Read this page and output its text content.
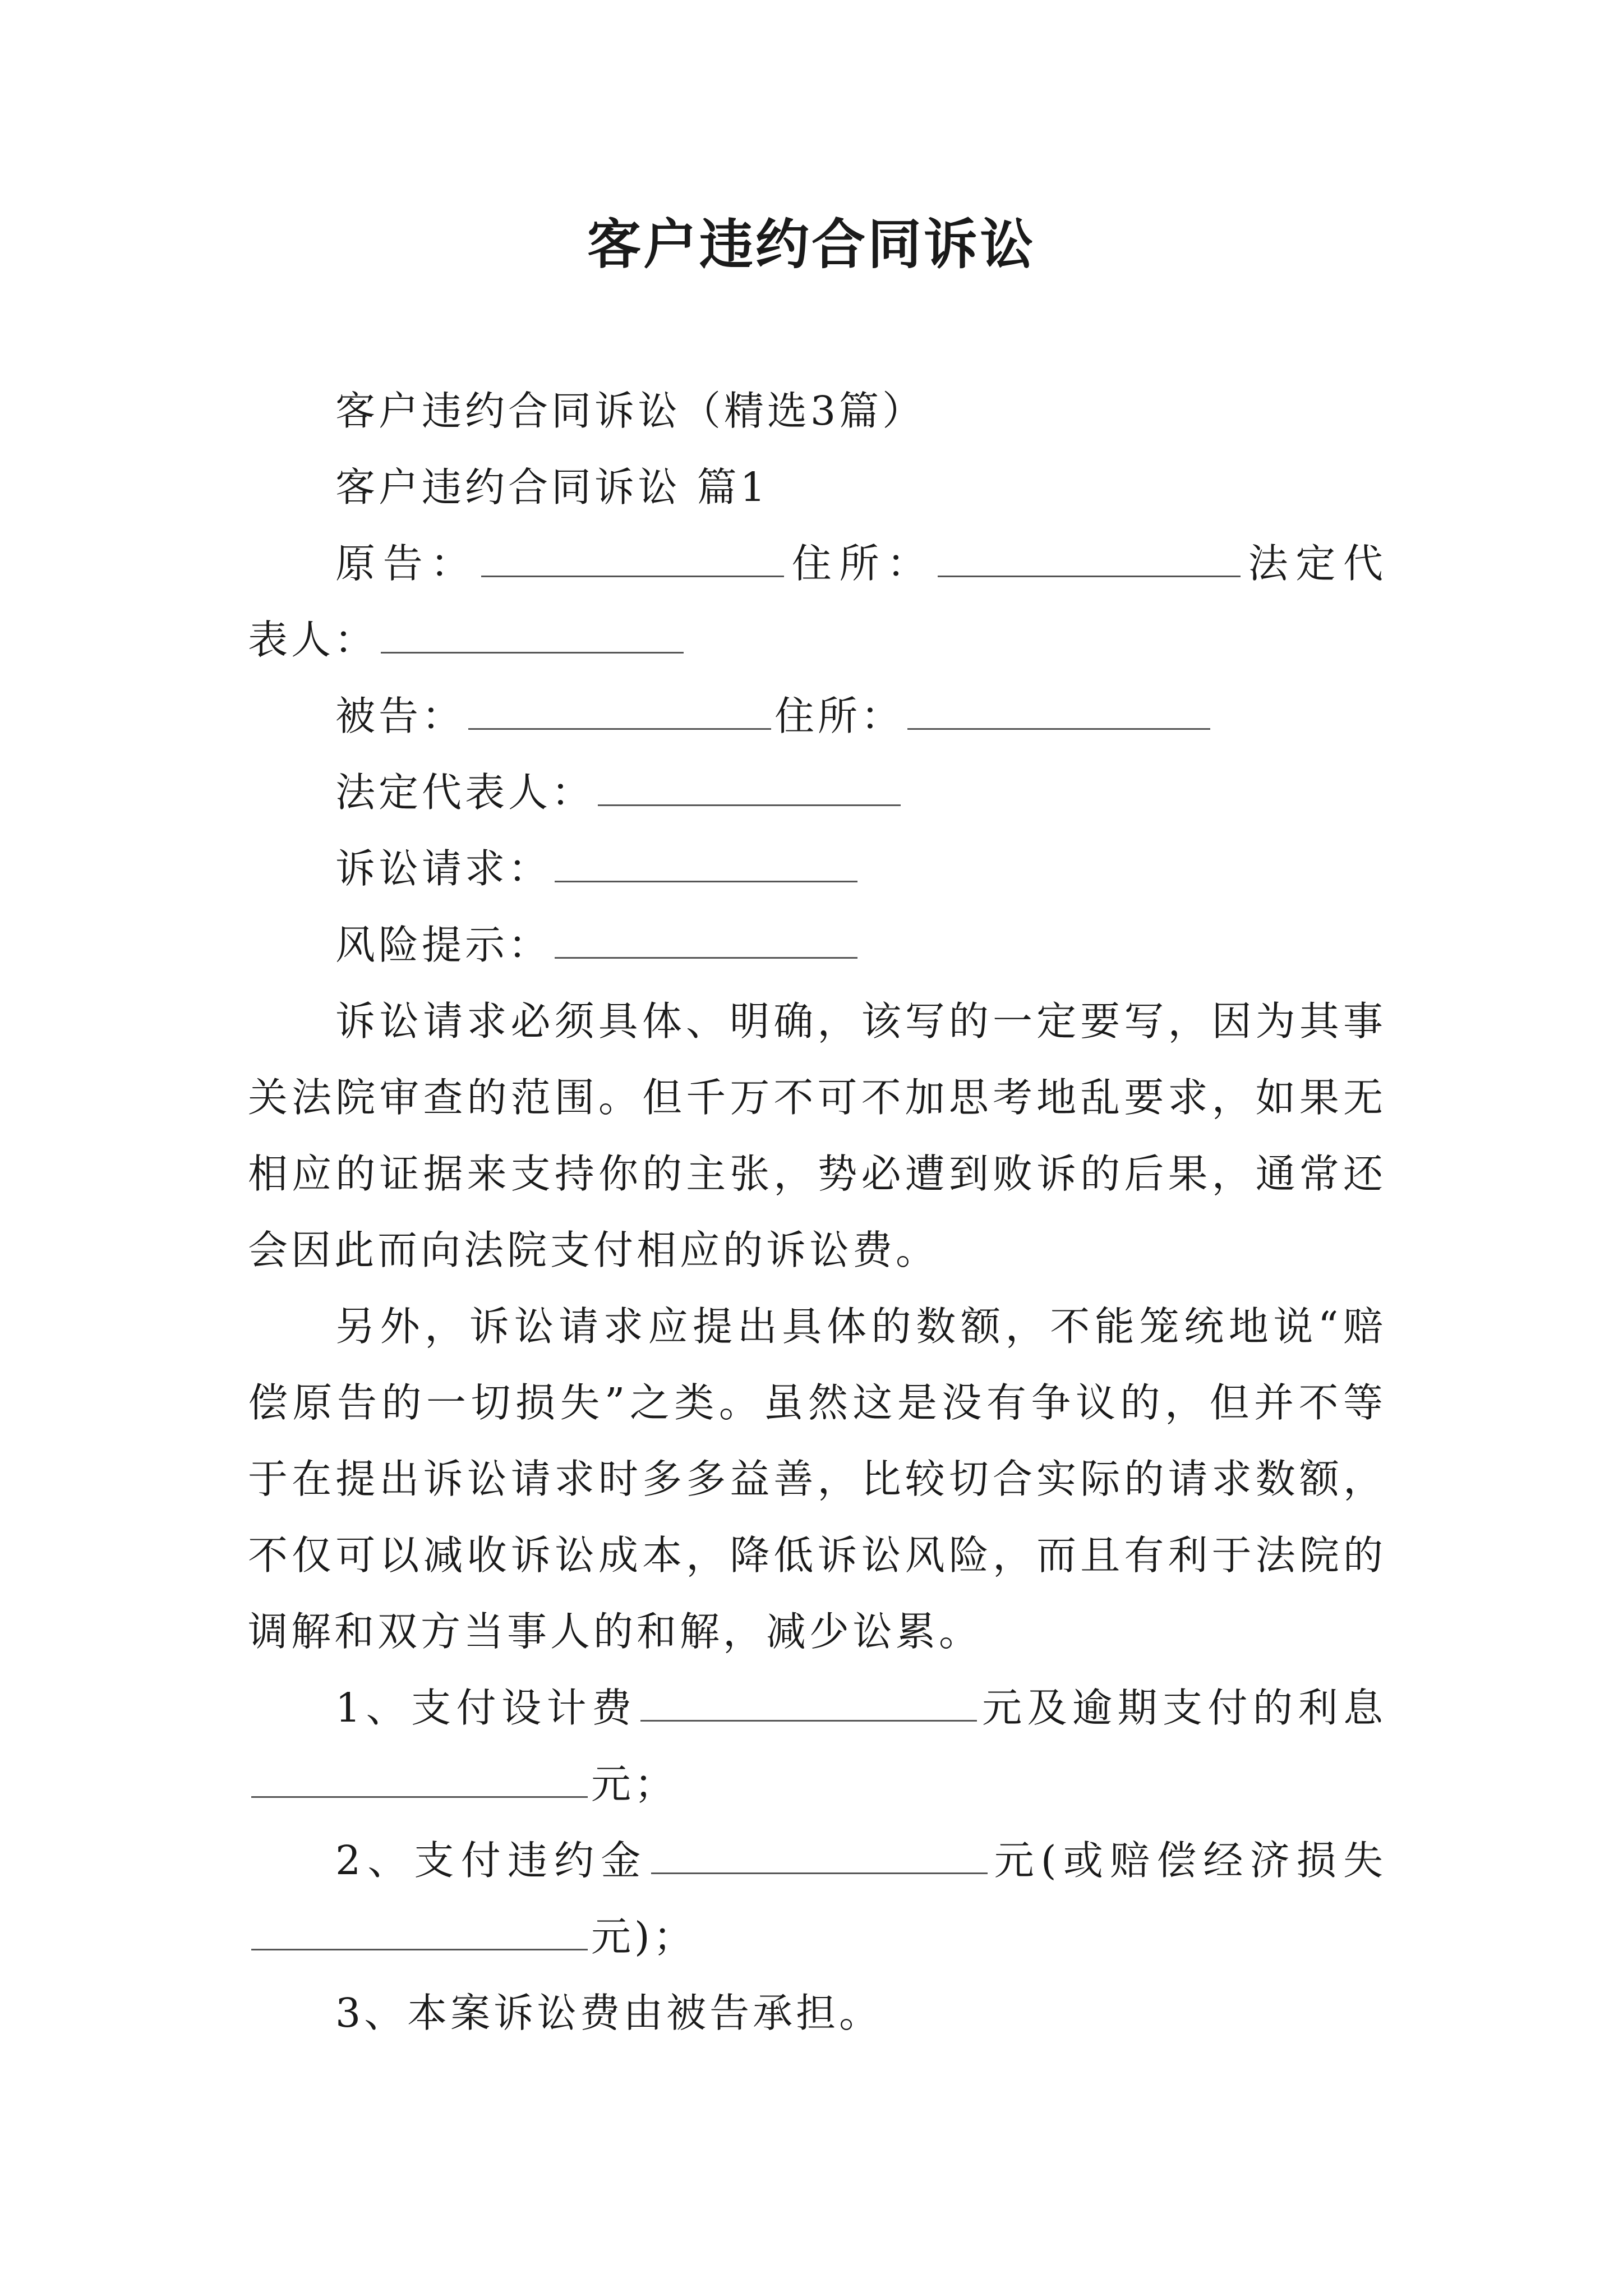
客户违约合同诉讼

客户违约合同诉讼（精选3篇）

客户违约合同诉讼 篇1

原告：	住所：	法定代表人：

被告：	住所：

法定代表人：

诉讼请求：

风险提示：

诉讼请求必须具体、明确，该写的一定要写，因为其事关法院审查的范围。但千万不可不加思考地乱要求，如果无相应的证据来支持你的主张，势必遭到败诉的后果，通常还会因此而向法院支付相应的诉讼费。

另外，诉讼请求应提出具体的数额，不能笼统地说“赔偿原告的一切损失”之类。虽然这是没有争议的，但并不等于在提出诉讼请求时多多益善，比较切合实际的请求数额，不仅可以减收诉讼成本，降低诉讼风险，而且有利于法院的调解和双方当事人的和解，减少讼累。

1、支付设计费	元及逾期支付的利息元；

2、支付违约金	元(或赔偿经济损失元)；

3、本案诉讼费由被告承担。
